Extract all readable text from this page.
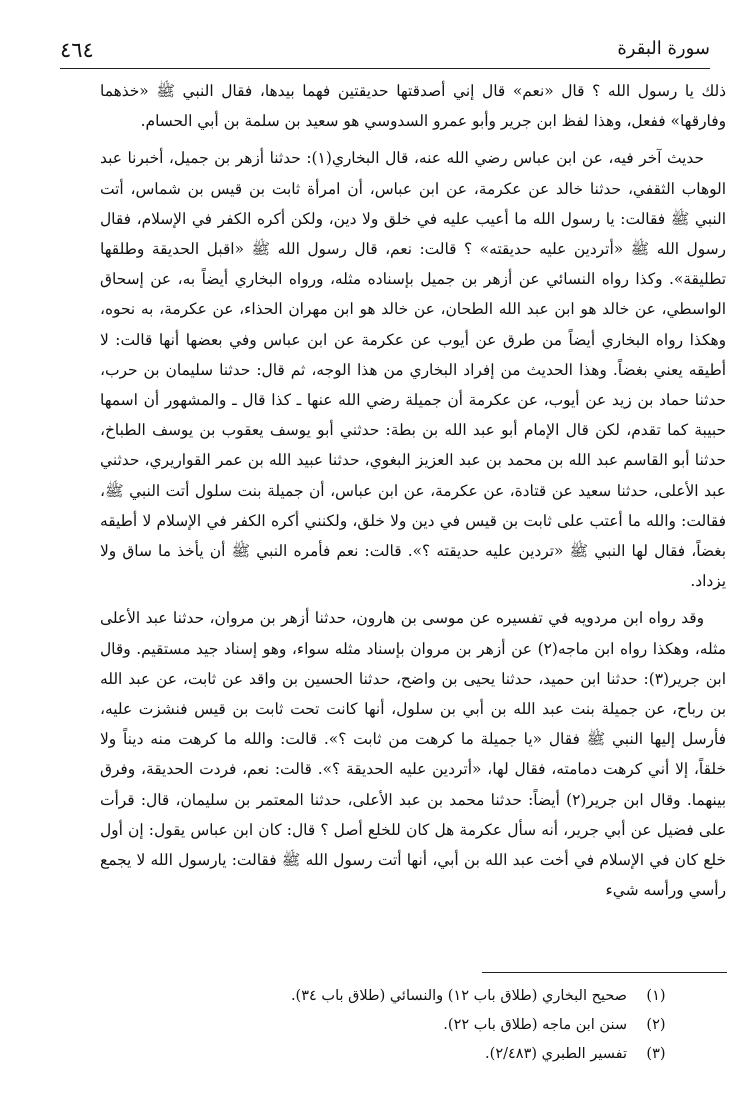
٤٦٤	سورة البقرة

ذلك يا رسول الله ؟ قال «نعم» قال إني أصدقتها حديقتين فهما بيدها، فقال النبي ﷺ «خذهما وفارقها» ففعل، وهذا لفظ ابن جرير وأبو عمرو السدوسي هو سعيد بن سلمة بن أبي الحسام.

حديث آخر فيه، عن ابن عباس رضي الله عنه، قال البخاري(١): حدثنا أزهر بن جميل، أخبرنا عبد الوهاب الثقفي، حدثنا خالد عن عكرمة، عن ابن عباس، أن امرأة ثابت بن قيس بن شماس، أتت النبي ﷺ فقالت: يا رسول الله ما أعيب عليه في خلق ولا دين، ولكن أكره الكفر في الإسلام، فقال رسول الله ﷺ «أتردين عليه حديقته» ؟ قالت: نعم، قال رسول الله ﷺ «اقبل الحديقة وطلقها تطليقة». وكذا رواه النسائي عن أزهر بن جميل بإسناده مثله، ورواه البخاري أيضاً به، عن إسحاق الواسطي، عن خالد هو ابن عبد الله الطحان، عن خالد هو ابن مهران الحذاء، عن عكرمة، به نحوه، وهكذا رواه البخاري أيضاً من طرق عن أيوب عن عكرمة عن ابن عباس وفي بعضها أنها قالت: لا أطيقه يعني بغضاً. وهذا الحديث من إفراد البخاري من هذا الوجه، ثم قال: حدثنا سليمان بن حرب، حدثنا حماد بن زيد عن أيوب، عن عكرمة أن جميلة رضي الله عنها ـ كذا قال ـ والمشهور أن اسمها حبيبة كما تقدم، لكن قال الإمام أبو عبد الله بن بطة: حدثني أبو يوسف يعقوب بن يوسف الطباخ، حدثنا أبو القاسم عبد الله بن محمد بن عبد العزيز البغوي، حدثنا عبيد الله بن عمر القواريري، حدثني عبد الأعلى، حدثنا سعيد عن قتادة، عن عكرمة، عن ابن عباس، أن جميلة بنت سلول أتت النبي ﷺ، فقالت: والله ما أعتب على ثابت بن قيس في دين ولا خلق، ولكنني أكره الكفر في الإسلام لا أطيقه بغضاً، فقال لها النبي ﷺ «تردين عليه حديقته ؟». قالت: نعم فأمره النبي ﷺ أن يأخذ ما ساق ولا يزداد.

وقد رواه ابن مردويه في تفسيره عن موسى بن هارون، حدثنا أزهر بن مروان، حدثنا عبد الأعلى مثله، وهكذا رواه ابن ماجه(٢) عن أزهر بن مروان بإسناد مثله سواء، وهو إسناد جيد مستقيم. وقال ابن جرير(٣): حدثنا ابن حميد، حدثنا يحيى بن واضح، حدثنا الحسين بن واقد عن ثابت، عن عبد الله بن رباح، عن جميلة بنت عبد الله بن أبي بن سلول، أنها كانت تحت ثابت بن قيس فنشزت عليه، فأرسل إليها النبي ﷺ فقال «يا جميلة ما كرهت من ثابت ؟». قالت: والله ما كرهت منه ديناً ولا خلقاً، إلا أني كرهت دمامته، فقال لها، «أتردين عليه الحديقة ؟». قالت: نعم، فردت الحديقة، وفرق بينهما. وقال ابن جرير(٢) أيضاً: حدثنا محمد بن عبد الأعلى، حدثنا المعتمر بن سليمان، قال: قرأت على فضيل عن أبي جرير، أنه سأل عكرمة هل كان للخلع أصل ؟ قال: كان ابن عباس يقول: إن أول خلع كان في الإسلام في أخت عبد الله بن أبي، أنها أتت رسول الله ﷺ فقالت: يارسول الله لا يجمع رأسي ورأسه شيء

(١)
صحيح البخاري (طلاق باب ١٢) والنسائي (طلاق باب ٣٤).
(٢)
سنن ابن ماجه (طلاق باب ٢٢).
(٣)
تفسير الطبري (٢/٤٨٣).
